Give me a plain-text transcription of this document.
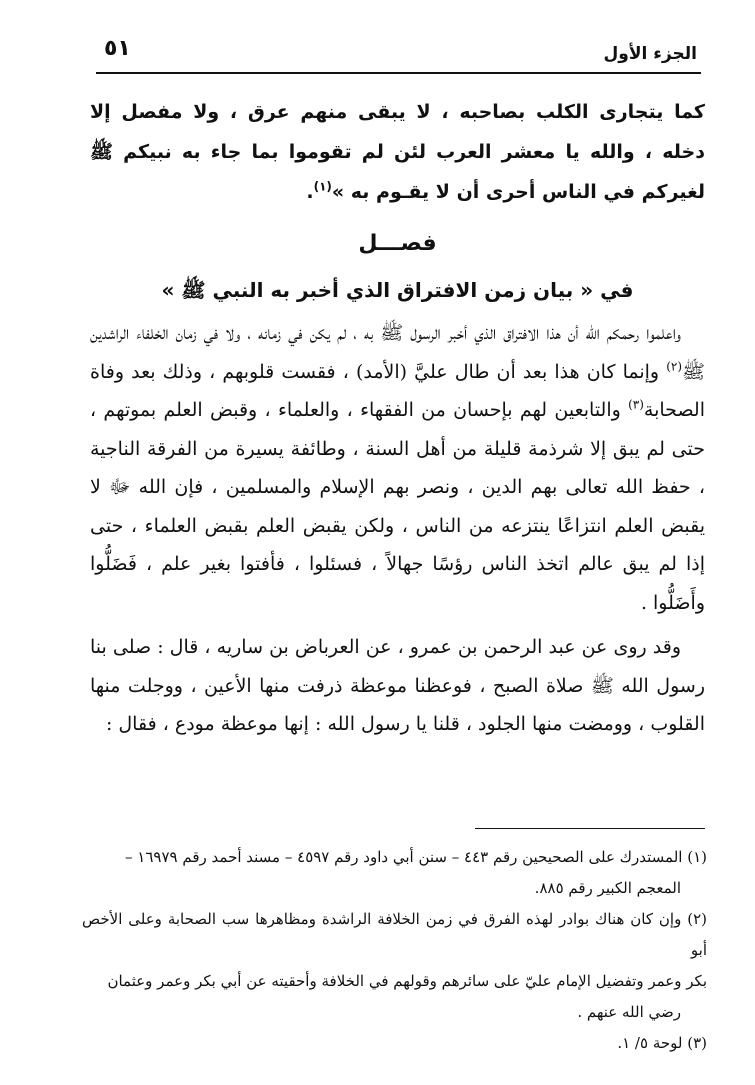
الجزء الأول
٥١

كما يتجارى الكلب بصاحبه ، لا يبقى منهم عرق ، ولا مفصل إلا دخله ، والله يا معشر العرب لئن لم تقوموا بما جاء به نبيكم ﷺ لغيركم في الناس أحرى أن لا يقـوم به »$^{(١)}$.

فصـــل
في « بيان زمن الافتراق الذي أخبر به النبي ﷺ »

واعلموا رحمكم الله أن هذا الافتراق الذي أخبر الرسول ﷺ به ، لم يكن في زمانه ، ولا في زمان الخلفاء الراشدين ﷺ$^{(٢)}$ وإنما كان هذا بعد أن طال عليَّ (الأمد) ، فقست قلوبهم ، وذلك بعد وفاة الصحابة$^{(٣)}$ والتابعين لهم بإحسان من الفقهاء ، والعلماء ، وقبض العلم بموتهم ، حتى لم يبق إلا شرذمة قليلة من أهل السنة ، وطائفة يسيرة من الفرقة الناجية ، حفظ الله تعالى بهم الدين ، ونصر بهم الإسلام والمسلمين ، فإن الله ﷻ لا يقبض العلم انتزاعًا ينتزعه من الناس ، ولكن يقبض العلم بقبض العلماء ، حتى إذا لم يبق عالم اتخذ الناس رؤسًا جهالاً ، فسئلوا ، فأفتوا بغير علم ، فَضَلُّوا وأَضَلُّوا .

وقد روى عن عبد الرحمن بن عمرو ، عن العرباض بن ساريه ، قال : صلى بنا رسول الله ﷺ صلاة الصبح ، فوعظنا موعظة ذرفت منها الأعين ، ووجلت منها القلوب ، وومضت منها الجلود ، قلنا يا رسول الله : إنها موعظة مودع ، فقال :

(١) المستدرك على الصحيحين رقم ٤٤٣ – سنن أبي داود رقم ٤٥٩٧ – مسند أحمد رقم ١٦٩٧٩ –

المعجم الكبير رقم ٨٨٥.

(٢) وإن كان هناك بوادر لهذه الفرق في زمن الخلافة الراشدة ومظاهرها سب الصحابة وعلى الأخص أبو

بكر وعمر وتفضيل الإمام عليّ على سائرهم وقولهم في الخلافة وأحقيته عن أبي بكر وعمر وعثمان

رضي الله عنهم .

(٣) لوحة ٥/ ١.
